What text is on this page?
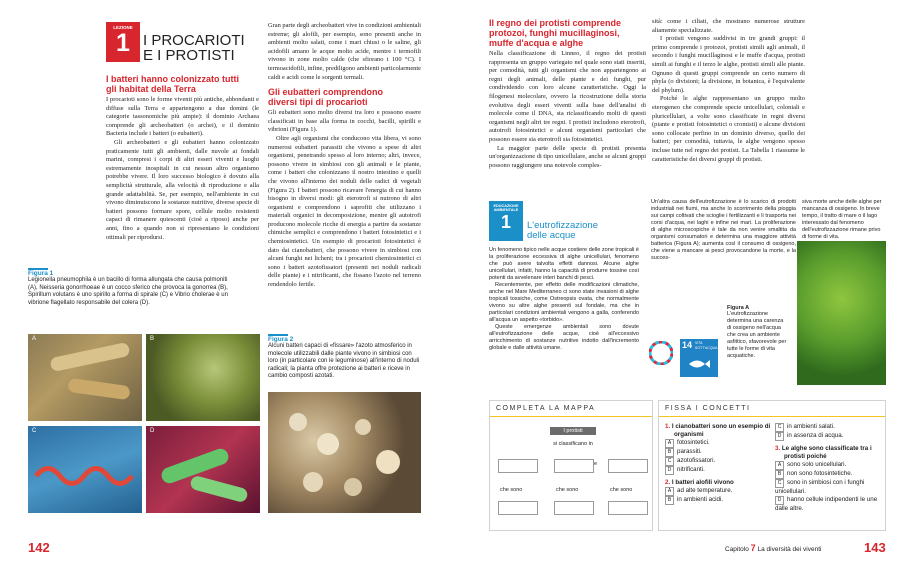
LEZIONE
1 I PROCARIOTI
E I PROTISTI
I batteri hanno colonizzato tutti
gli habitat della Terra
I procarioti sono le forme viventi più antiche, abbondanti e diffuse sulla Terra e appartengono a due domini (le categorie tassonomiche più ampie): il dominio Archaea comprende gli archeobatteri (o archei), e il dominio Bacteria include i batteri (o eubatteri).
Gli archeobatteri e gli eubatteri hanno colonizzato praticamente tutti gli ambienti, dalle nuvole ai fondali marini, compresi i corpi di altri esseri viventi e luoghi estremamente inospitali in cui nessun altro organismo potrebbe vivere. Il loro successo biologico è dovuto alla semplicità strutturale, alla velocità di riproduzione e alla grande adattabilità. Se, per esempio, nell'ambiente in cui vivono diminuiscono le sostanze nutritive, diverse specie di batteri possono formare spore, cellule molto resistenti capaci di rimanere quiescenti (cioè a riposo) anche per anni, fino a quando non si ripresentano le condizioni ottimali per riprodursi.
Figura 1
Legionella pneumophila è un bacillo di forma allungata che causa polmoniti (A), Neisseria gonorrhoeae è un cocco sferico che provoca la gonorrea (B), Spirillum volutans è uno spirillo a forma di spirale (C) e Vibrio cholerae è un vibrione flagellato responsabile del colera (D).
A	B
C	D
Gran parte degli archeobatteri vive in condizioni ambientali estreme; gli alofili, per esempio, sono presenti anche in ambienti molto salati, come i mari chiusi o le saline, gli acidofili amano le acque molto acide, mentre i termofili vivono in zone molto calde (che sfiorano i 100 °C). I termoacidofili, infine, prediligono ambienti particolarmente caldi e acidi come le sorgenti termali.
Gli eubatteri comprendono
diversi tipi di procarioti
Gli eubatteri sono molto diversi tra loro e possono essere classificati in base alla forma in cocchi, bacilli, spirilli e vibrioni (Figura 1).
Oltre agli organismi che conducono vita libera, vi sono numerosi eubatteri parassiti che vivono a spese di altri organismi, penetrando spesso al loro interno; altri, invece, possono vivere in simbiosi con gli animali e le piante, come i batteri che colonizzano il nostro intestino e quelli che vivono all'interno dei noduli delle radici di vegetali (Figura 2). I batteri possono ricavare l'energia di cui hanno bisogno in diversi modi: gli eterotrofi si nutrono di altri organismi e comprendono i saprofiti che utilizzano i materiali organici in decomposizione, mentre gli autotrofi producono molecole ricche di energia a partire da sostanze chimiche semplici e comprendono i batteri fotosintetici e i chemiosintetici. Un esempio di procarioti fotosintetici è dato dai cianobatteri, che possono vivere in simbiosi con alcuni funghi nei licheni; tra i procarioti chemiosintetici ci sono i batteri azotofissatori (presenti nei noduli radicali delle piante) e i nitrificanti, che fissano l'azoto nel terreno rendendolo fertile.
Figura 2
Alcuni batteri capaci di «fissare» l'azoto atmosferico in molecole utilizzabili dalle piante vivono in simbiosi con loro (in particolare con le leguminose) all'interno di noduli radicali; la pianta offre protezione ai batteri e riceve in cambio composti azotati.
142
Il regno dei protisti comprende
protozoi, funghi mucillaginosi,
muffe d'acqua e alghe
Nella classificazione di Linneo, il regno dei protisti rappresenta un gruppo variegato nel quale sono stati inseriti, per comodità, tutti gli organismi che non appartengono ai regni degli animali, delle piante e dei funghi, pur condividendo con loro alcune caratteristiche. Oggi la filogenesi molecolare, ovvero la ricostruzione della storia evolutiva degli esseri viventi sulla base dell'analisi di molecole come il DNA, sta riclassificando molti di questi organismi negli altri tre regni. I protisti includono eterotrofi, autotrofi fotosintetici e alcuni organismi particolari che possono essere sia eterotrofi sia fotosintetici.
La maggior parte delle specie di protisti presenta un'organizzazione di tipo unicellulare, anche se alcuni gruppi possono raggiungere una notevole comples-
sità: come i ciliati, che mostrano numerose strutture altamente specializzate.
I protisti vengono suddivisi in tre grandi gruppi: il primo comprende i protozoi, protisti simili agli animali, il secondo i funghi mucillaginosi e le muffe d'acqua, protisti simili ai funghi e il terzo le alghe, protisti simili alle piante. Ognuno di questi gruppi comprende un certo numero di phyla (o divisioni; la divisione, in botanica, è l'equivalente del phylum).
Poiché le alghe rappresentano un gruppo molto eterogeneo che comprende specie unicellulari, coloniali e pluricellulari, a volte sono classificate in regni diversi (piante e protisti fotosintetici o cromisti) e alcune divisioni sono collocate perfino in un dominio diverso, quello dei batteri; per comodità, tuttavia, le alghe vengono spesso incluse tutte nel regno dei protisti. La Tabella 1 riassume le caratteristiche dei diversi gruppi di protisti.
EDUCAZIONE
AMBIENTALE
1	L'eutrofizzazione
delle acque
Un fenomeno tipico nelle acque costiere delle zone tropicali è la proliferazione eccessiva di alghe unicellulari, fenomeno che può avere talvolta effetti dannosi. Alcune alghe unicellulari, infatti, hanno la capacità di produrre tossine così potenti da avvelenare interi banchi di pesci.
Recentemente, per effetto delle modificazioni climatiche, anche nel Mare Mediterraneo ci sono state invasioni di alghe tropicali tossiche, come Ostreopsis ovata, che normalmente vivono su altre alghe presenti sul fondale, ma che in particolari condizioni ambientali vengono a galla, conferendo all'acqua un aspetto «torbido».
Queste emergenze ambientali sono dovute all'eutrofizzazione delle acque, cioè all'eccessivo arricchimento di sostanze nutritive indotto dall'incremento globale e dalle attività umane.
Un'altra causa dell'eutrofizzazione è lo scarico di prodotti industriali nei fiumi, ma anche lo scorrimento della pioggia sui campi coltivati che scioglie i fertilizzanti e li trasporta nei corsi d'acqua, nei laghi e infine nei mari. La proliferazione di alghe microscopiche è tale da non venire smaltita da organismi consumatori e determina una maggiore attività batterica (Figura A); aumenta così il consumo di ossigeno, che viene a mancare ai pesci provocandone la morte, e la succes-
siva morte anche delle alghe per mancanza di ossigeno. In breve tempo, il tratto di mare o il lago interessato dal fenomeno dell'eutrofizzazione rimane privo di forme di vita.
14 VITA
SOTT'ACQUA
Figura A
L'eutrofizzazione determina una carenza di ossigeno nell'acqua che crea un ambiente asfittico, sfavorevole per tutte le forme di vita acquatiche.
COMPLETA LA MAPPA
I protisti
si classificano in
e
che sono	che sono	che sono
FISSA I CONCETTI
1. I cianobatteri sono un esempio di
organismi
A fotosintetici.
B parassiti.
C azotofissatori.
D nitrificanti.
2. I batteri alofili vivono
A ad alte temperature.
B in ambienti acidi.
C in ambienti salati.
D in assenza di acqua.
3. Le alghe sono classificate tra i
protisti poiché
A sono solo unicellulari.
B non sono fotosintetiche.
C sono in simbiosi con i funghi unicellulari.
D hanno cellule indipendenti le une dalle altre.
Capitolo 7 La diversità dei viventi	143
